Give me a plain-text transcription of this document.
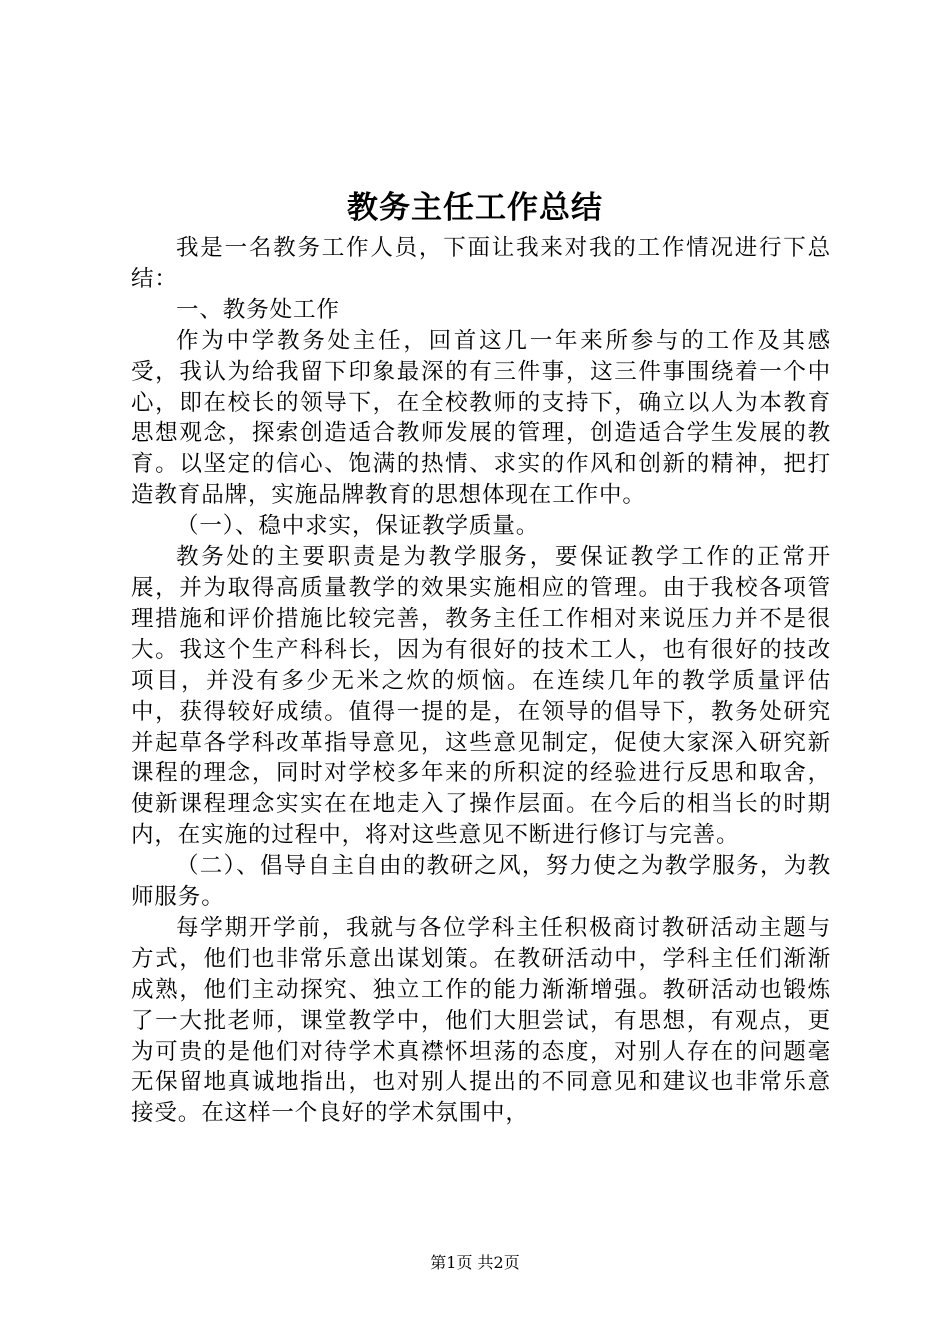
教务主任工作总结

我是一名教务工作人员，下面让我来对我的工作情况进行下总结：

一、教务处工作

作为中学教务处主任，回首这几一年来所参与的工作及其感受，我认为给我留下印象最深的有三件事，这三件事围绕着一个中心，即在校长的领导下，在全校教师的支持下，确立以人为本教育思想观念，探索创造适合教师发展的管理，创造适合学生发展的教育。以坚定的信心、饱满的热情、求实的作风和创新的精神，把打造教育品牌，实施品牌教育的思想体现在工作中。

（一）、稳中求实，保证教学质量。

教务处的主要职责是为教学服务，要保证教学工作的正常开展，并为取得高质量教学的效果实施相应的管理。由于我校各项管理措施和评价措施比较完善，教务主任工作相对来说压力并不是很大。我这个生产科科长，因为有很好的技术工人，也有很好的技改项目，并没有多少无米之炊的烦恼。在连续几年的教学质量评估中，获得较好成绩。值得一提的是，在领导的倡导下，教务处研究并起草各学科改革指导意见，这些意见制定，促使大家深入研究新课程的理念，同时对学校多年来的所积淀的经验进行反思和取舍，使新课程理念实实在在地走入了操作层面。在今后的相当长的时期内，在实施的过程中，将对这些意见不断进行修订与完善。

（二）、倡导自主自由的教研之风，努力使之为教学服务，为教师服务。

每学期开学前，我就与各位学科主任积极商讨教研活动主题与方式，他们也非常乐意出谋划策。在教研活动中，学科主任们渐渐成熟，他们主动探究、独立工作的能力渐渐增强。教研活动也锻炼了一大批老师，课堂教学中，他们大胆尝试，有思想，有观点，更为可贵的是他们对待学术真襟怀坦荡的态度，对别人存在的问题毫无保留地真诚地指出，也对别人提出的不同意见和建议也非常乐意接受。在这样一个良好的学术氛围中，

第1页 共2页
